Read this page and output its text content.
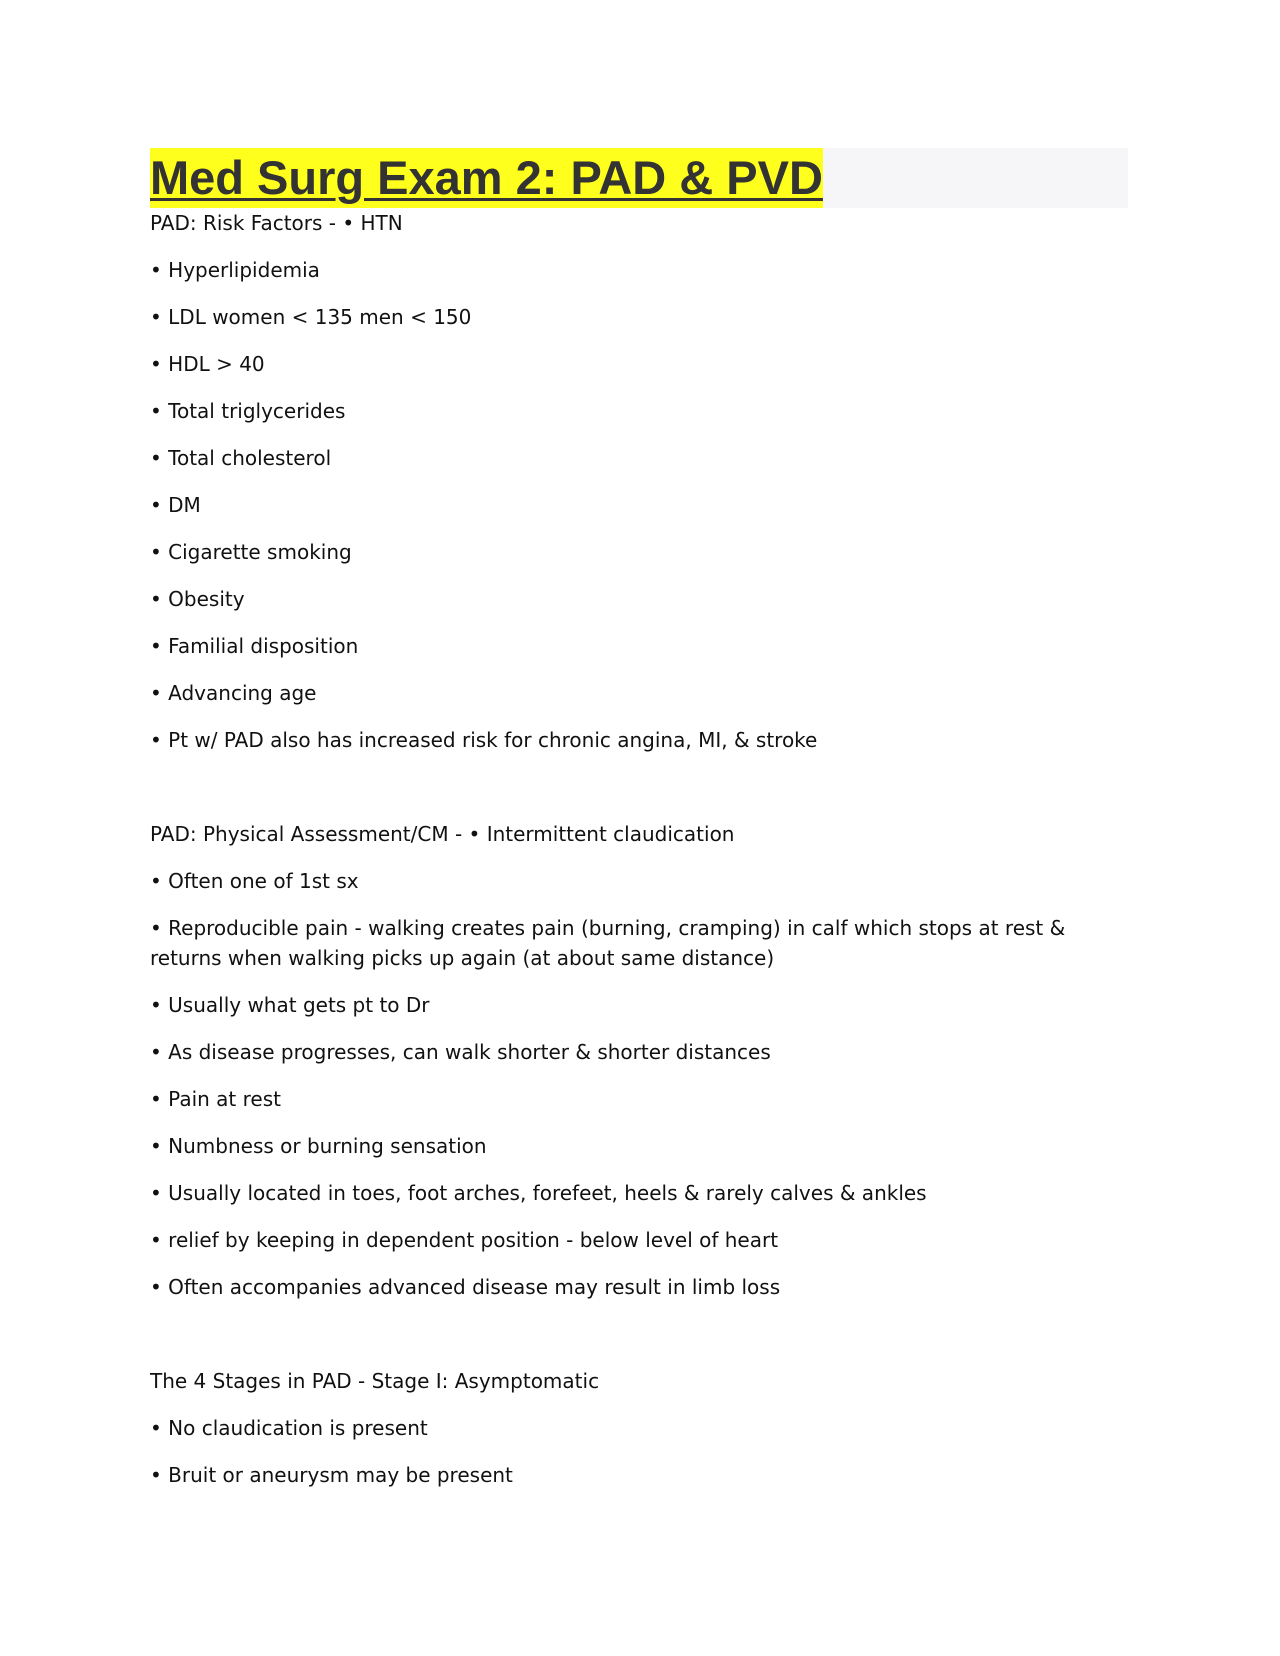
Med Surg Exam 2: PAD & PVD

PAD: Risk Factors - • HTN

• Hyperlipidemia

• LDL women < 135 men < 150

• HDL > 40

• Total triglycerides

• Total cholesterol

• DM

• Cigarette smoking

• Obesity

• Familial disposition

• Advancing age

• Pt w/ PAD also has increased risk for chronic angina, MI, & stroke

PAD: Physical Assessment/CM - • Intermittent claudication

• Often one of 1st sx

• Reproducible pain - walking creates pain (burning, cramping) in calf which stops at rest & returns when walking picks up again (at about same distance)

• Usually what gets pt to Dr

• As disease progresses, can walk shorter & shorter distances

• Pain at rest

• Numbness or burning sensation

• Usually located in toes, foot arches, forefeet, heels & rarely calves & ankles

• relief by keeping in dependent position - below level of heart

• Often accompanies advanced disease may result in limb loss

The 4 Stages in PAD - Stage I: Asymptomatic

• No claudication is present

• Bruit or aneurysm may be present
